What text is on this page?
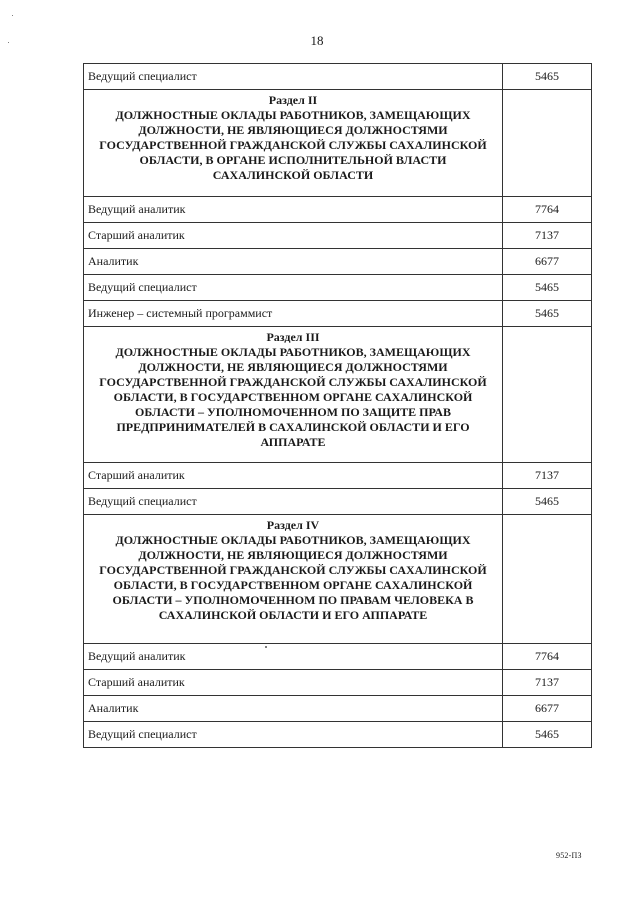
18
Ведущий специалист	5465

Раздел II
ДОЛЖНОСТНЫЕ ОКЛАДЫ РАБОТНИКОВ, ЗАМЕЩАЮЩИХ ДОЛЖНОСТИ, НЕ ЯВЛЯЮЩИЕСЯ ДОЛЖНОСТЯМИ ГОСУДАРСТВЕННОЙ ГРАЖДАНСКОЙ СЛУЖБЫ САХАЛИНСКОЙ ОБЛАСТИ, В ОРГАНЕ ИСПОЛНИТЕЛЬНОЙ ВЛАСТИ САХАЛИНСКОЙ ОБЛАСТИ	

Ведущий аналитик	7764
Старший аналитик	7137
Аналитик	6677
Ведущий специалист	5465
Инженер – системный программист	5465

Раздел III
ДОЛЖНОСТНЫЕ ОКЛАДЫ РАБОТНИКОВ, ЗАМЕЩАЮЩИХ ДОЛЖНОСТИ, НЕ ЯВЛЯЮЩИЕСЯ ДОЛЖНОСТЯМИ ГОСУДАРСТВЕННОЙ ГРАЖДАНСКОЙ СЛУЖБЫ САХАЛИНСКОЙ ОБЛАСТИ, В ГОСУДАРСТВЕННОМ ОРГАНЕ САХАЛИНСКОЙ ОБЛАСТИ – УПОЛНОМОЧЕННОМ ПО ЗАЩИТЕ ПРАВ ПРЕДПРИНИМАТЕЛЕЙ В САХАЛИНСКОЙ ОБЛАСТИ И ЕГО АППАРАТЕ	

Старший аналитик	7137
Ведущий специалист	5465

Раздел IV
ДОЛЖНОСТНЫЕ ОКЛАДЫ РАБОТНИКОВ, ЗАМЕЩАЮЩИХ ДОЛЖНОСТИ, НЕ ЯВЛЯЮЩИЕСЯ ДОЛЖНОСТЯМИ ГОСУДАРСТВЕННОЙ ГРАЖДАНСКОЙ СЛУЖБЫ САХАЛИНСКОЙ ОБЛАСТИ, В ГОСУДАРСТВЕННОМ ОРГАНЕ САХАЛИНСКОЙ ОБЛАСТИ – УПОЛНОМОЧЕННОМ ПО ПРАВАМ ЧЕЛОВЕКА В САХАЛИНСКОЙ ОБЛАСТИ И ЕГО АППАРАТЕ	

Ведущий аналитик	7764
Старший аналитик	7137
Аналитик	6677
Ведущий специалист	5465
952-ПЗ
